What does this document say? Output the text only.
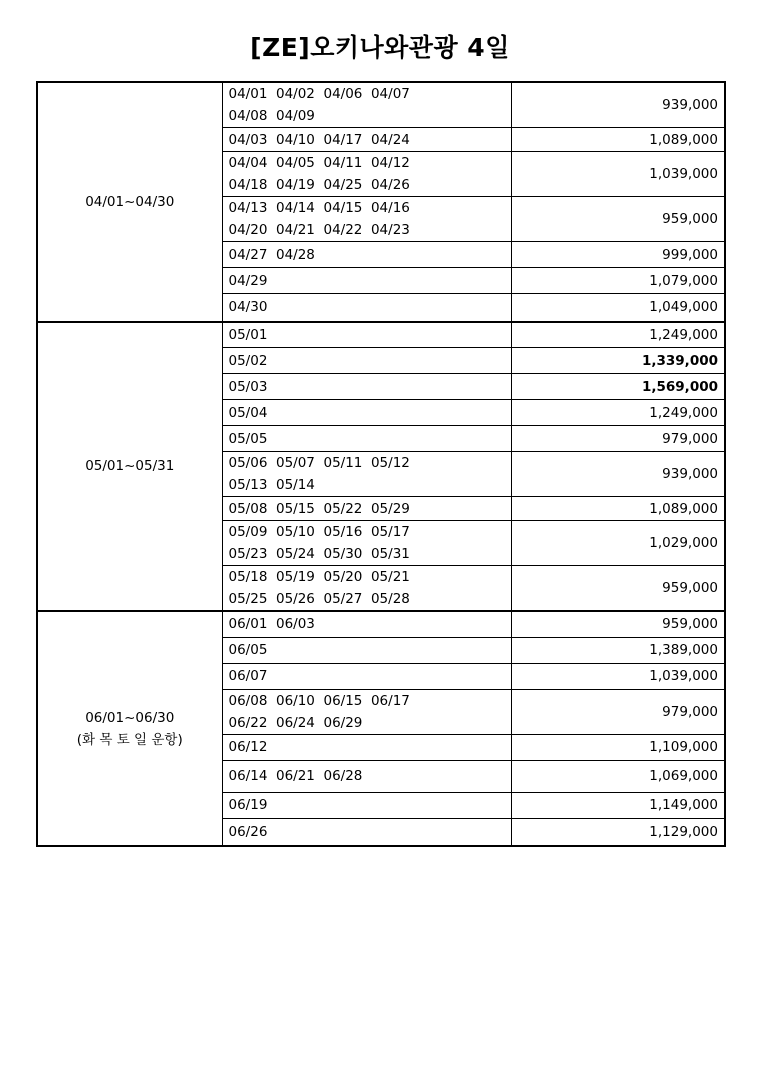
[ZE]오키나와관광 4일
04/01~04/30	04/01  04/02  04/06  04/07
04/08  04/09	939,000

	04/03  04/10  04/17  04/24	1,089,000

	04/04  04/05  04/11  04/12
04/18  04/19  04/25  04/26	1,039,000

	04/13  04/14  04/15  04/16
04/20  04/21  04/22  04/23	959,000

	04/27  04/28	999,000

	04/29	1,079,000

	04/30	1,049,000

05/01~05/31	05/01	1,249,000

	05/02	1,339,000

	05/03	1,569,000

	05/04	1,249,000

	05/05	979,000

	05/06  05/07  05/11  05/12
05/13  05/14	939,000

	05/08  05/15  05/22  05/29	1,089,000

	05/09  05/10  05/16  05/17
05/23  05/24  05/30  05/31	1,029,000

	05/18  05/19  05/20  05/21
05/25  05/26  05/27  05/28	959,000

06/01~06/30
(화 목 토 일 운항)	06/01  06/03	959,000

	06/05	1,389,000

	06/07	1,039,000

	06/08  06/10  06/15  06/17
06/22  06/24  06/29	979,000

	06/12	1,109,000

	06/14  06/21  06/28	1,069,000

	06/19	1,149,000

	06/26	1,129,000
